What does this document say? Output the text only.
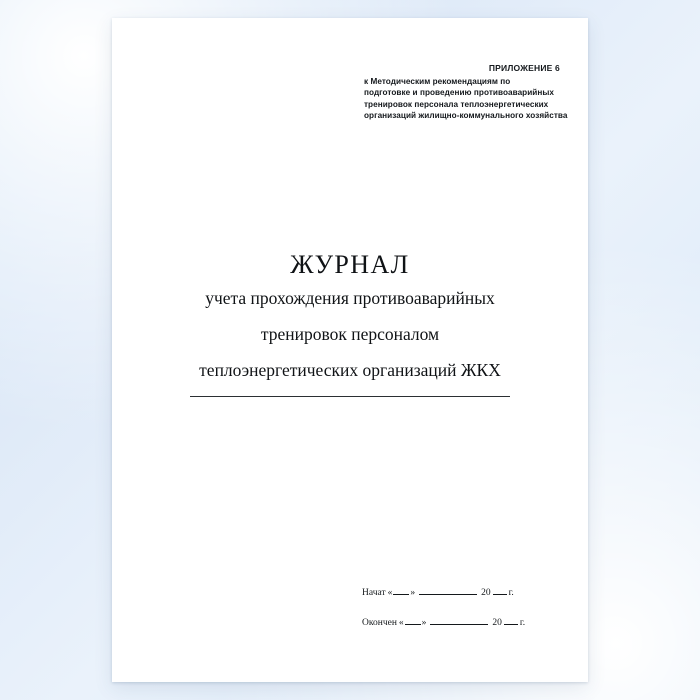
ПРИЛОЖЕНИЕ 6
к Методическим рекомендациям по
подготовке и проведению противоаварийных
тренировок персонала теплоэнергетических
организаций жилищно-коммунального хозяйства
ЖУРНАЛ
учета прохождения противоаварийных
тренировок персоналом
теплоэнергетических организаций ЖКХ
Начат « »	20 г.
Окончен « »	20 г.
